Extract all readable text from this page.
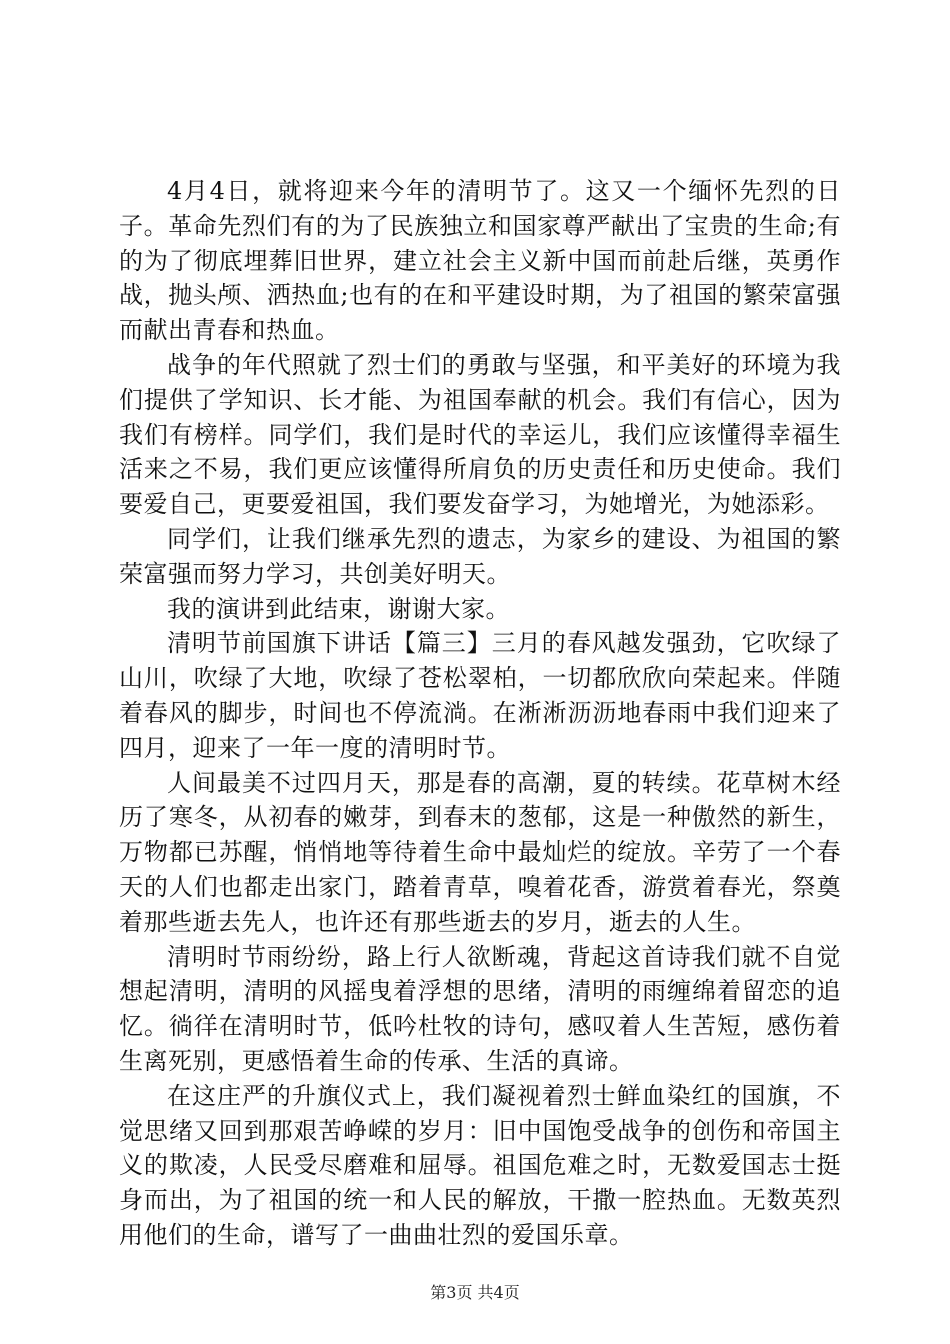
4月4日，就将迎来今年的清明节了。这又一个缅怀先烈的日子。革命先烈们有的为了民族独立和国家尊严献出了宝贵的生命;有的为了彻底埋葬旧世界，建立社会主义新中国而前赴后继，英勇作战，抛头颅、洒热血;也有的在和平建设时期，为了祖国的繁荣富强而献出青春和热血。

战争的年代照就了烈士们的勇敢与坚强，和平美好的环境为我们提供了学知识、长才能、为祖国奉献的机会。我们有信心，因为我们有榜样。同学们，我们是时代的幸运儿，我们应该懂得幸福生活来之不易，我们更应该懂得所肩负的历史责任和历史使命。我们要爱自己，更要爱祖国，我们要发奋学习，为她增光，为她添彩。

同学们，让我们继承先烈的遗志，为家乡的建设、为祖国的繁荣富强而努力学习，共创美好明天。

我的演讲到此结束，谢谢大家。

清明节前国旗下讲话【篇三】三月的春风越发强劲，它吹绿了山川，吹绿了大地，吹绿了苍松翠柏，一切都欣欣向荣起来。伴随着春风的脚步，时间也不停流淌。在淅淅沥沥地春雨中我们迎来了四月，迎来了一年一度的清明时节。

人间最美不过四月天，那是春的高潮，夏的转续。花草树木经历了寒冬，从初春的嫩芽，到春末的葱郁，这是一种傲然的新生，万物都已苏醒，悄悄地等待着生命中最灿烂的绽放。辛劳了一个春天的人们也都走出家门，踏着青草，嗅着花香，游赏着春光，祭奠着那些逝去先人，也许还有那些逝去的岁月，逝去的人生。

清明时节雨纷纷，路上行人欲断魂，背起这首诗我们就不自觉想起清明，清明的风摇曳着浮想的思绪，清明的雨缠绵着留恋的追忆。徜徉在清明时节，低吟杜牧的诗句，感叹着人生苦短，感伤着生离死别，更感悟着生命的传承、生活的真谛。

在这庄严的升旗仪式上，我们凝视着烈士鲜血染红的国旗，不觉思绪又回到那艰苦峥嵘的岁月：旧中国饱受战争的创伤和帝国主义的欺凌，人民受尽磨难和屈辱。祖国危难之时，无数爱国志士挺身而出，为了祖国的统一和人民的解放，干撒一腔热血。无数英烈用他们的生命，谱写了一曲曲壮烈的爱国乐章。

第3页 共4页
